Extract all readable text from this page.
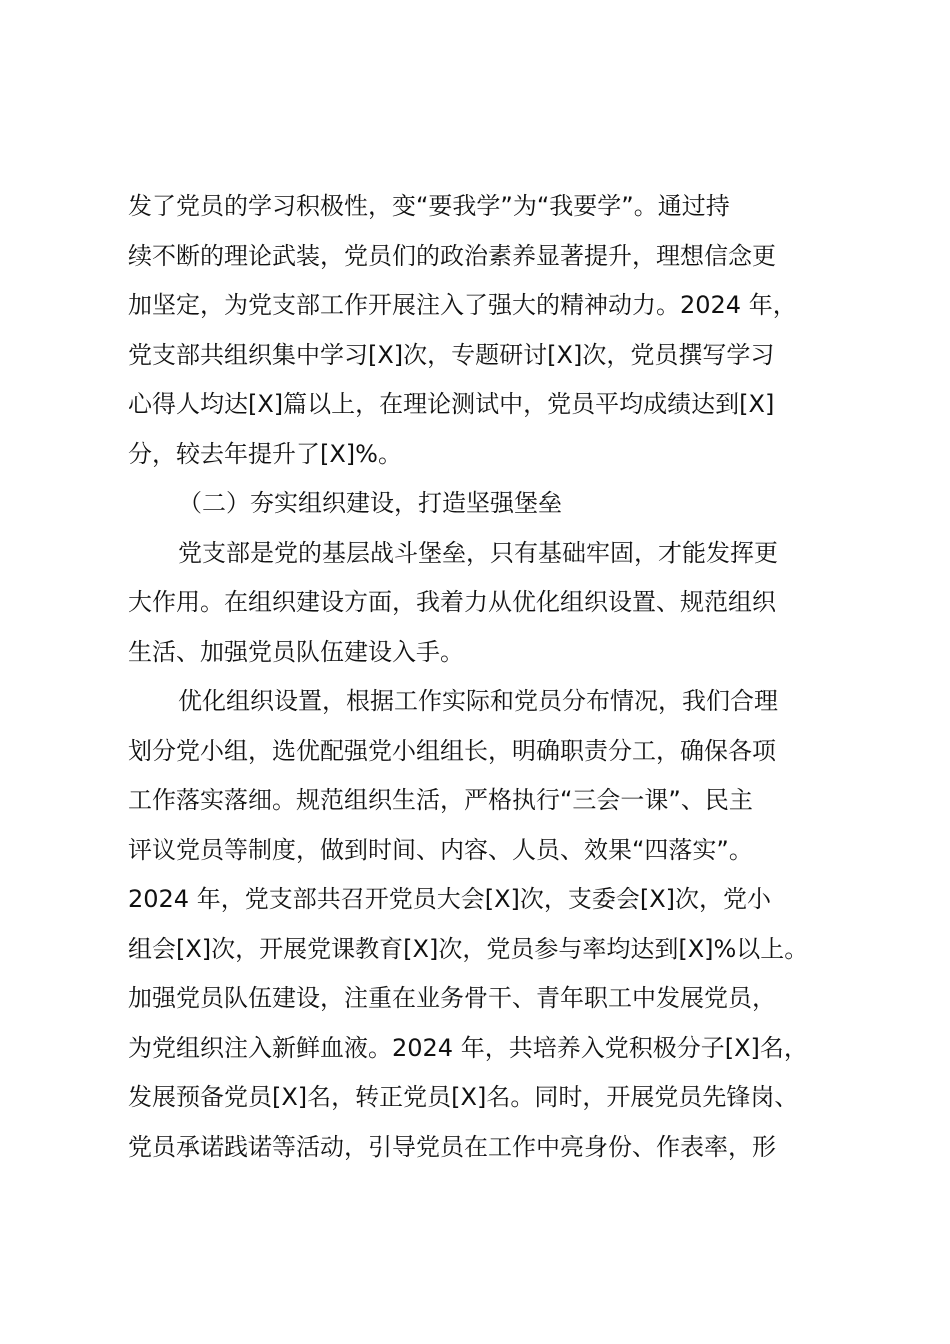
发了党员的学习积极性，变“要我学”为“我要学”。通过持
续不断的理论武装，党员们的政治素养显著提升，理想信念更
加坚定，为党支部工作开展注入了强大的精神动力。2024 年，
党支部共组织集中学习[X]次，专题研讨[X]次，党员撰写学习
心得人均达[X]篇以上，在理论测试中，党员平均成绩达到[X]
分，较去年提升了[X]%。
（二）夯实组织建设，打造坚强堡垒
党支部是党的基层战斗堡垒，只有基础牢固，才能发挥更
大作用。在组织建设方面，我着力从优化组织设置、规范组织
生活、加强党员队伍建设入手。
优化组织设置，根据工作实际和党员分布情况，我们合理
划分党小组，选优配强党小组组长，明确职责分工，确保各项
工作落实落细。规范组织生活，严格执行“三会一课”、民主
评议党员等制度，做到时间、内容、人员、效果“四落实”。
2024 年，党支部共召开党员大会[X]次，支委会[X]次，党小
组会[X]次，开展党课教育[X]次，党员参与率均达到[X]%以上。
加强党员队伍建设，注重在业务骨干、青年职工中发展党员，
为党组织注入新鲜血液。2024 年，共培养入党积极分子[X]名，
发展预备党员[X]名，转正党员[X]名。同时，开展党员先锋岗、
党员承诺践诺等活动，引导党员在工作中亮身份、作表率，形
